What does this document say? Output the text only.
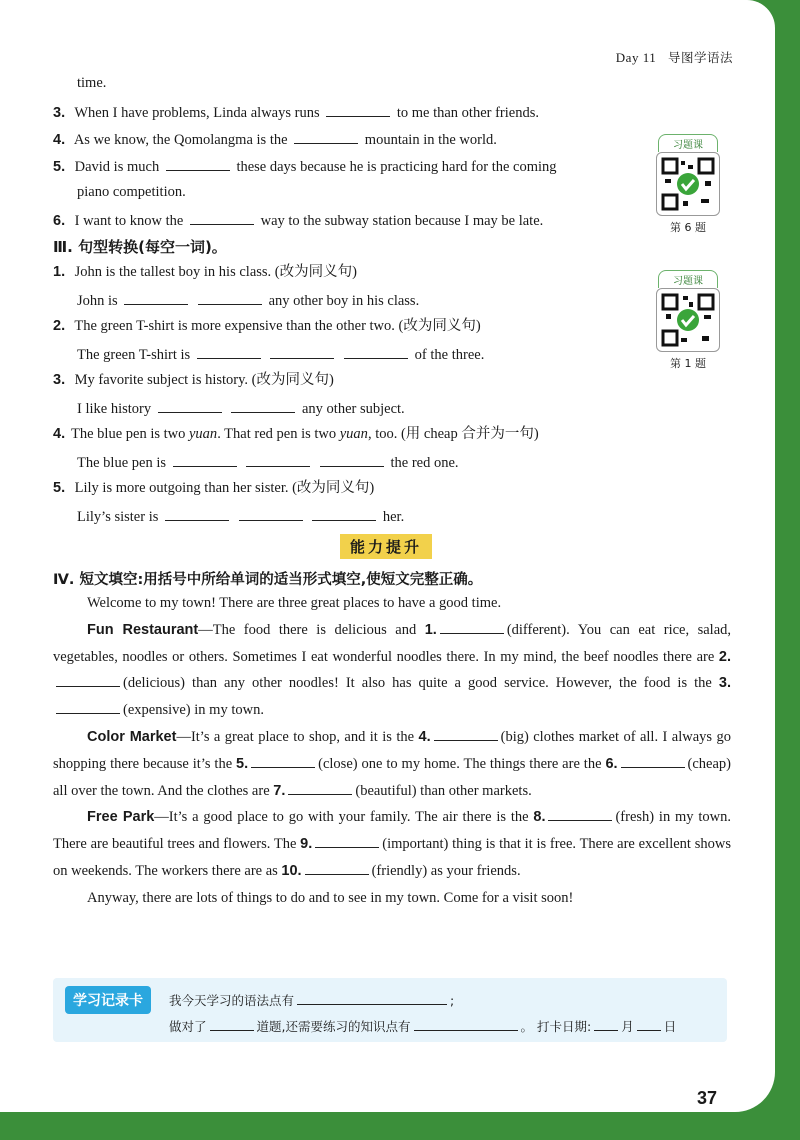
Day 11 导图学语法
time.
3. When I have problems, Linda always runs	to me than other friends.
4. As we know, the Qomolangma is the	mountain in the world.
5. David is much	these days because he is practicing hard for the coming
piano competition.
6. I want to know the	way to the subway station because I may be late.
习题课
第 6 题
习题课
第 1 题
Ⅲ. 句型转换(每空一词)。
1. John is the tallest boy in his class. (改为同义句)
John is	any other boy in his class.
2. The green T-shirt is more expensive than the other two. (改为同义句)
The green T-shirt is	of the three.
3. My favorite subject is history. (改为同义句)
I like history	any other subject.
4. The blue pen is two yuan. That red pen is two yuan, too. (用 cheap 合并为一句)
The blue pen is	the red one.
5. Lily is more outgoing than her sister. (改为同义句)
Lily’s sister is	her.
能力提升
Ⅳ. 短文填空:用括号中所给单词的适当形式填空,使短文完整正确。

Welcome to my town! There are three great places to have a good time.

Fun Restaurant—The food there is delicious and 1.	(different). You can eat rice, salad, vegetables, noodles or others. Sometimes I eat wonderful noodles there. In my mind, the beef noodles there are 2.(delicious) than any other noodles! It also has quite a good service. However, the food is the 3.(expensive) in my town.

Color Market—It’s a great place to shop, and it is the 4.	(big) clothes market of all. I always go shopping there because it’s the 5.	(close) one to my home. The things there are the 6.	(cheap) all over the town. And the clothes are 7.	(beautiful) than other markets.

Free Park—It’s a good place to go with your family. The air there is the 8.	(fresh) in my town. There are beautiful trees and flowers. The 9.	(important) thing is that it is free. There are excellent shows on weekends. The workers there are as 10.	(friendly) as your friends.

Anyway, there are lots of things to do and to see in my town. Come for a visit soon!

学习记录卡	我今天学习的语法点有	;
做对了	道题,还需要练习的知识点有	。 打卡日期: 月 日
37
